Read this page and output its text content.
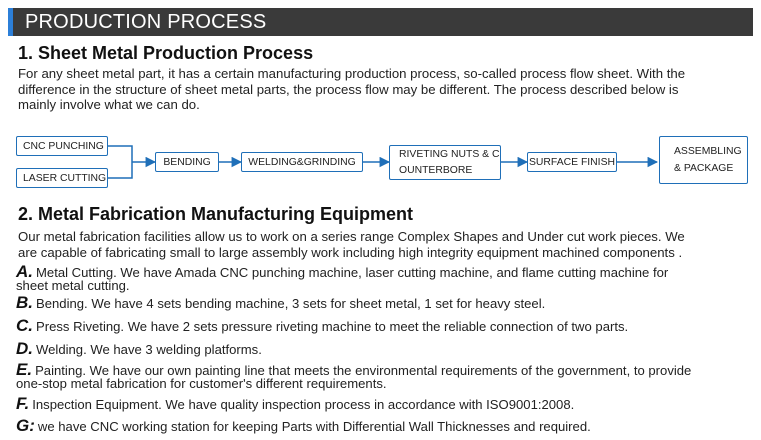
PRODUCTION PROCESS
1. Sheet Metal Production Process

For any sheet metal part, it has a certain manufacturing production process, so-called process flow sheet. With the
difference in the structure of sheet metal parts, the process flow may be different. The process described below is
mainly involve what we can do.

CNC PUNCHING
LASER CUTTING
BENDING	WELDING&GRINDING
RIVETING NUTS & C
OUNTERBORE
SURFACE FINISH
ASSEMBLING
& PACKAGE
2. Metal Fabrication Manufacturing Equipment

Our metal fabrication facilities allow us to work on a series range Complex Shapes and Under cut work pieces. We
are capable of fabricating small to large assembly work including high integrity equipment machined components .

A. Metal Cutting. We have Amada CNC punching machine, laser cutting machine, and flame cutting machine for
sheet metal cutting.
B. Bending. We have 4 sets bending machine, 3 sets for sheet metal, 1 set for heavy steel.
C. Press Riveting. We have 2 sets pressure riveting machine to meet the reliable connection of two parts.
D. Welding. We have 3 welding platforms.
E. Painting. We have our own painting line that meets the environmental requirements of the government, to provide
one-stop metal fabrication for customer's different requirements.
F. Inspection Equipment. We have quality inspection process in accordance with ISO9001:2008.
G: we have CNC working station for keeping Parts with Differential Wall Thicknesses and required.
